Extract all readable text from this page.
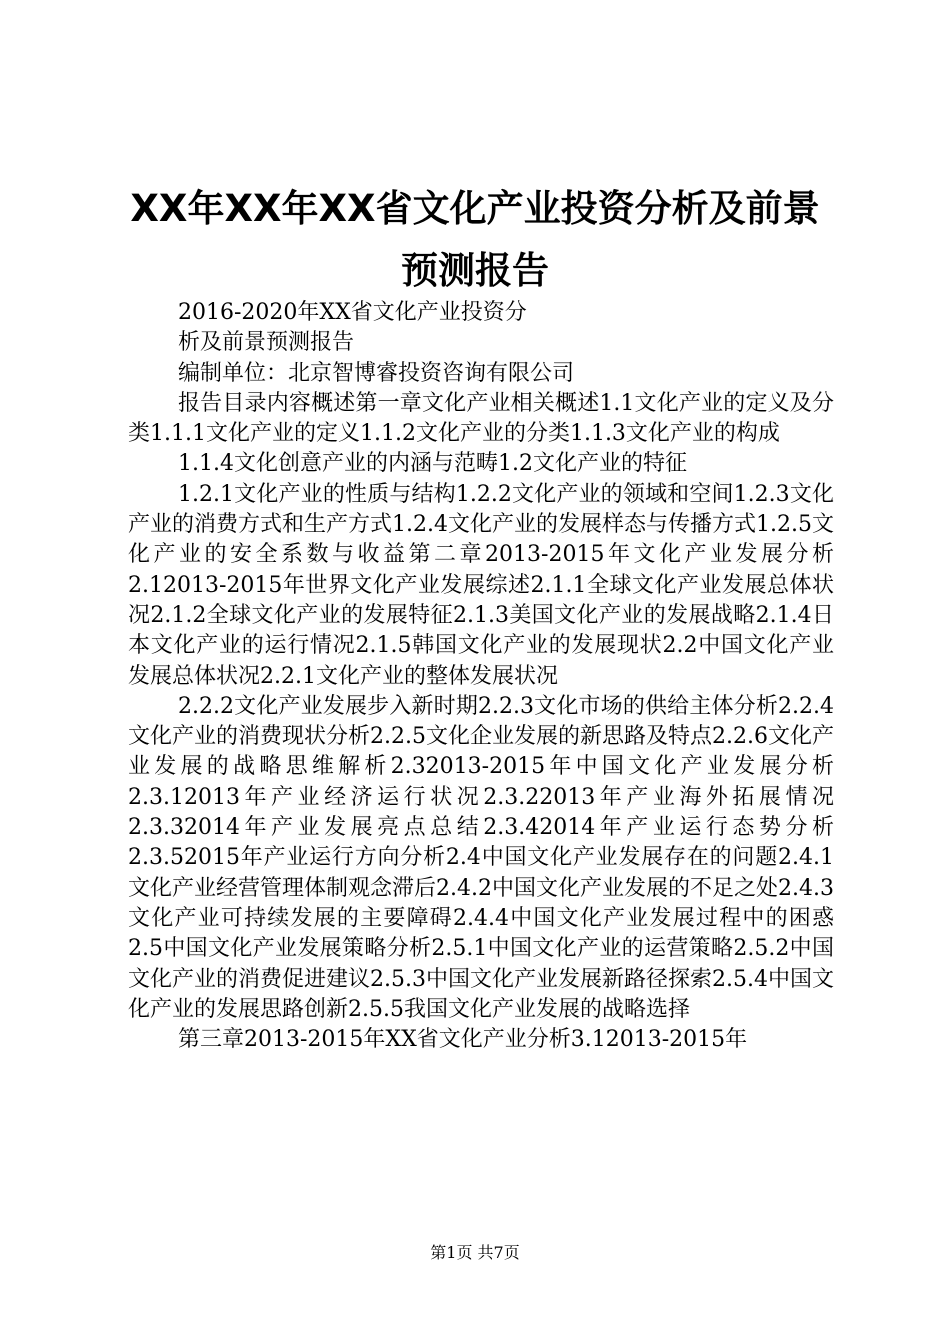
XX年XX年XX省文化产业投资分析及前景预测报告

2016-2020年XX省文化产业投资分

析及前景预测报告

编制单位：北京智博睿投资咨询有限公司

报告目录内容概述第一章文化产业相关概述1.1文化产业的定义及分类1.1.1文化产业的定义1.1.2文化产业的分类1.1.3文化产业的构成

1.1.4文化创意产业的内涵与范畴1.2文化产业的特征

1.2.1文化产业的性质与结构1.2.2文化产业的领域和空间1.2.3文化产业的消费方式和生产方式1.2.4文化产业的发展样态与传播方式1.2.5文化产业的安全系数与收益第二章2013-2015年文化产业发展分析2.12013-2015年世界文化产业发展综述2.1.1全球文化产业发展总体状况2.1.2全球文化产业的发展特征2.1.3美国文化产业的发展战略2.1.4日本文化产业的运行情况2.1.5韩国文化产业的发展现状2.2中国文化产业发展总体状况2.2.1文化产业的整体发展状况

2.2.2文化产业发展步入新时期2.2.3文化市场的供给主体分析2.2.4文化产业的消费现状分析2.2.5文化企业发展的新思路及特点2.2.6文化产业发展的战略思维解析2.32013-2015年中国文化产业发展分析2.3.12013年产业经济运行状况2.3.22013年产业海外拓展情况2.3.32014年产业发展亮点总结2.3.42014年产业运行态势分析2.3.52015年产业运行方向分析2.4中国文化产业发展存在的问题2.4.1文化产业经营管理体制观念滞后2.4.2中国文化产业发展的不足之处2.4.3文化产业可持续发展的主要障碍2.4.4中国文化产业发展过程中的困惑2.5中国文化产业发展策略分析2.5.1中国文化产业的运营策略2.5.2中国文化产业的消费促进建议2.5.3中国文化产业发展新路径探索2.5.4中国文化产业的发展思路创新2.5.5我国文化产业发展的战略选择

第三章2013-2015年XX省文化产业分析3.12013-2015年

第1页 共7页
